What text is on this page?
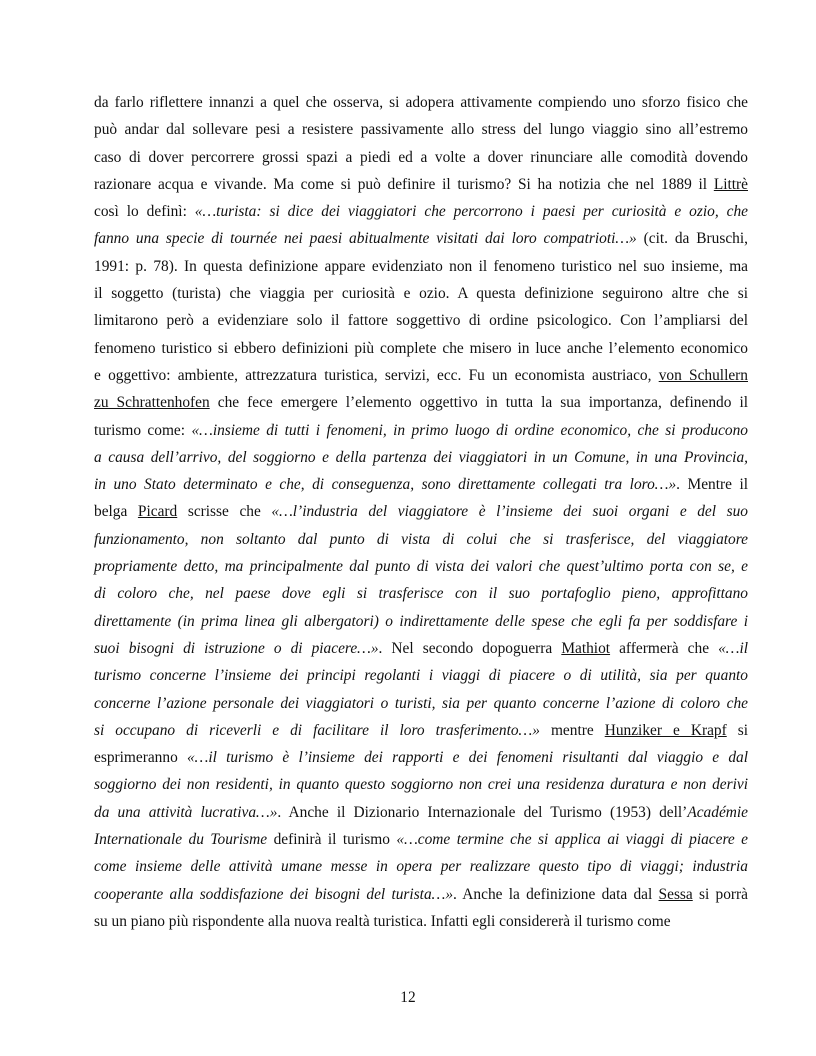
da farlo riflettere innanzi a quel che osserva, si adopera attivamente compiendo uno sforzo fisico che
può andar dal sollevare pesi a resistere passivamente allo stress del lungo viaggio sino all’estremo
caso di dover percorrere grossi spazi a piedi ed a volte a dover rinunciare alle comodità dovendo
razionare acqua e vivande. Ma come si può definire il turismo? Si ha notizia che nel 1889 il Littrè
così lo definì: «…turista: si dice dei viaggiatori che percorrono i paesi per curiosità e ozio, che
fanno una specie di tournée nei paesi abitualmente visitati dai loro compatrioti…» (cit. da Bruschi,
1991: p. 78). In questa definizione appare evidenziato non il fenomeno turistico nel suo insieme, ma
il soggetto (turista) che viaggia per curiosità e ozio. A questa definizione seguirono altre che si
limitarono però a evidenziare solo il fattore soggettivo di ordine psicologico. Con l’ampliarsi del
fenomeno turistico si ebbero definizioni più complete che misero in luce anche l’elemento economico
e oggettivo: ambiente, attrezzatura turistica, servizi, ecc. Fu un economista austriaco, von Schullern
zu Schrattenhofen che fece emergere l’elemento oggettivo in tutta la sua importanza, definendo il
turismo come: «…insieme di tutti i fenomeni, in primo luogo di ordine economico, che si producono
a causa dell’arrivo, del soggiorno e della partenza dei viaggiatori in un Comune, in una Provincia,
in uno Stato determinato e che, di conseguenza, sono direttamente collegati tra loro…». Mentre il
belga Picard scrisse che «…l’industria del viaggiatore è l’insieme dei suoi organi e del suo
funzionamento, non soltanto dal punto di vista di colui che si trasferisce, del viaggiatore
propriamente detto, ma principalmente dal punto di vista dei valori che quest’ultimo porta con se, e
di coloro che, nel paese dove egli si trasferisce con il suo portafoglio pieno, approfittano
direttamente (in prima linea gli albergatori) o indirettamente delle spese che egli fa per soddisfare i
suoi bisogni di istruzione o di piacere…». Nel secondo dopoguerra Mathiot affermerà che «…il
turismo concerne l’insieme dei principi regolanti i viaggi di piacere o di utilità, sia per quanto
concerne l’azione personale dei viaggiatori o turisti, sia per quanto concerne l’azione di coloro che
si occupano di riceverli e di facilitare il loro trasferimento…» mentre Hunziker e Krapf si
esprimeranno «…il turismo è l’insieme dei rapporti e dei fenomeni risultanti dal viaggio e dal
soggiorno dei non residenti, in quanto questo soggiorno non crei una residenza duratura e non derivi
da una attività lucrativa…». Anche il Dizionario Internazionale del Turismo (1953) dell’Académie
Internationale du Tourisme definirà il turismo «…come termine che si applica ai viaggi di piacere e
come insieme delle attività umane messe in opera per realizzare questo tipo di viaggi; industria
cooperante alla soddisfazione dei bisogni del turista…». Anche la definizione data dal Sessa si porrà
su un piano più rispondente alla nuova realtà turistica. Infatti egli considererà il turismo come
12
